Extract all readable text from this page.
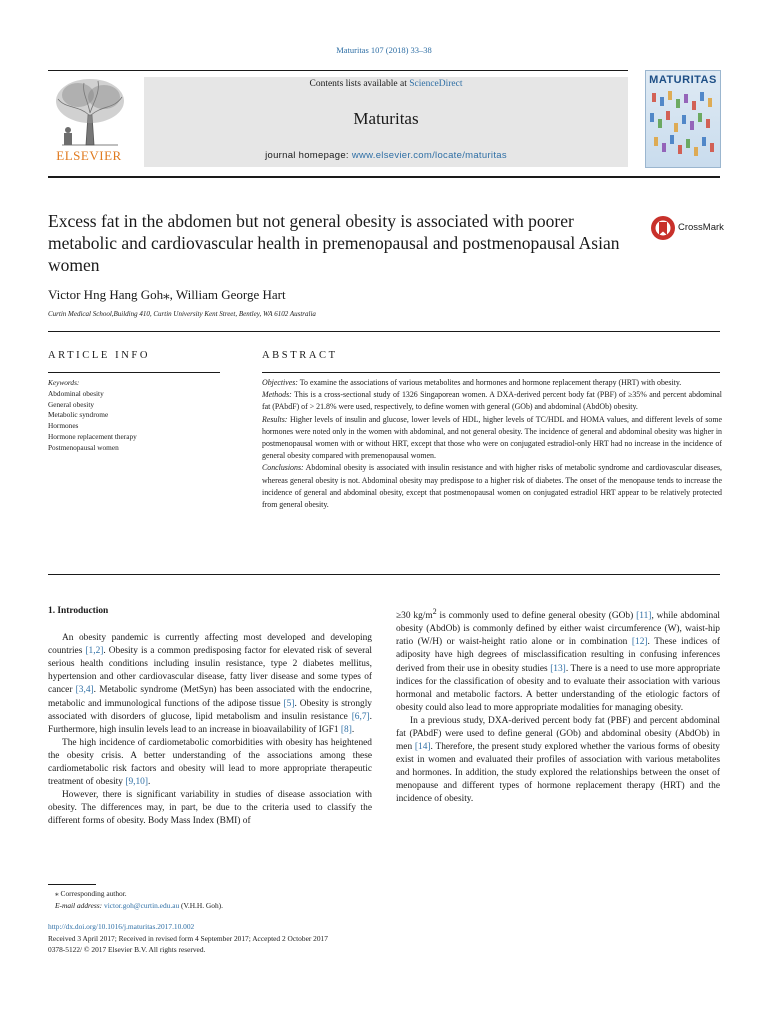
Maturitas 107 (2018) 33–38
ELSEVIER
Contents lists available at ScienceDirect
Maturitas
journal homepage: www.elsevier.com/locate/maturitas
MATURITAS
Excess fat in the abdomen but not general obesity is associated with poorer metabolic and cardiovascular health in premenopausal and postmenopausal Asian women
CrossMark
Victor Hng Hang Goh⁎, William George Hart
Curtin Medical School,Building 410, Curtin University Kent Street, Bentley, WA 6102 Australia
ARTICLE INFO
Keywords:
Abdominal obesity
General obesity
Metabolic syndrome
Hormones
Hormone replacement therapy
Postmenopausal women
ABSTRACT

Objectives: To examine the associations of various metabolites and hormones and hormone replacement therapy (HRT) with obesity.

Methods: This is a cross-sectional study of 1326 Singaporean women. A DXA-derived percent body fat (PBF) of ≥35% and percent abdominal fat (PAbdF) of > 21.8% were used, respectively, to define women with general (GOb) and abdominal (AbdOb) obesity.

Results: Higher levels of insulin and glucose, lower levels of HDL, higher levels of TC/HDL and HOMA values, and different levels of some hormones were noted only in the women with abdominal, and not general obesity. The incidence of general and abdominal obesity was higher in postmenopausal women with or without HRT, except that those who were on conjugated estradiol-only HRT had no increase in the incidence of general obesity compared with premenopausal women.

Conclusions: Abdominal obesity is associated with insulin resistance and with higher risks of metabolic syndrome and cardiovascular diseases, whereas general obesity is not. Abdominal obesity may predispose to a higher risk of diabetes. The onset of the menopause tends to increase the incidence of general and abdominal obesity, except that postmenopausal women on conjugated estradiol HRT appear to be relatively protected from general obesity.

1. Introduction

An obesity pandemic is currently affecting most developed and developing countries [1,2]. Obesity is a common predisposing factor for elevated risk of several serious health conditions including insulin resistance, type 2 diabetes mellitus, hypertension and other cardiovascular disease, fatty liver disease and some types of cancer [3,4]. Metabolic syndrome (MetSyn) has been associated with the endocrine, metabolic and immunological functions of the adipose tissue [5]. Obesity is strongly associated with disorders of glucose, lipid metabolism and insulin resistance [6,7]. Furthermore, high insulin levels lead to an increase in bioavailability of IGF1 [8].

The high incidence of cardiometabolic comorbidities with obesity has heightened the obesity crisis. A better understanding of the associations among these cardiometabolic risk factors and obesity will lead to more appropriate therapeutic treatment of obesity [9,10].

However, there is significant variability in studies of disease association with obesity. The differences may, in part, be due to the criteria used to classify the different forms of obesity. Body Mass Index (BMI) of

≥30 $kg/m^2$ is commonly used to define general obesity (GOb) [11], while abdominal obesity (AbdOb) is commonly defined by either waist circumference (W), waist-hip ratio (W/H) or waist-height ratio alone or in combination [12]. These indices of adiposity have high degrees of misclassification resulting in confusing inferences derived from their use in obesity studies [13]. There is a need to use more appropriate indices for the classification of obesity and to evaluate their association with various hormonal and metabolic factors. A better understanding of the etiologic factors of obesity could also lead to more appropriate modalities for managing obesity.

In a previous study, DXA-derived percent body fat (PBF) and percent abdominal fat (PAbdF) were used to define general (GOb) and abdominal obesity (AbdOb) in men [14]. Therefore, the present study explored whether the various forms of obesity exist in women and evaluated their profiles of association with various metabolites and hormones. In addition, the study explored the relationships between the onset of menopause and different types of hormone replacement therapy (HRT) and the incidence of obesity.

⁎ Corresponding author.
E-mail address: victor.goh@curtin.edu.au (V.H.H. Goh).
http://dx.doi.org/10.1016/j.maturitas.2017.10.002
Received 3 April 2017; Received in revised form 4 September 2017; Accepted 2 October 2017
0378-5122/ © 2017 Elsevier B.V. All rights reserved.
